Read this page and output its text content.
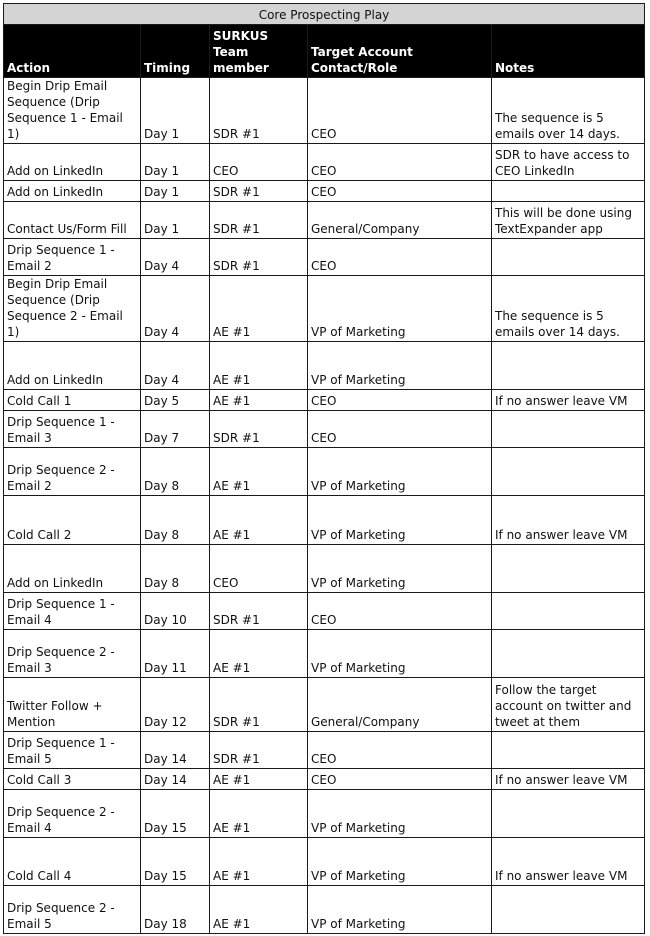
Core Prospecting Play				
Action	Timing	SURKUS Team member	Target Account Contact/Role	Notes
Begin Drip Email Sequence (Drip Sequence 1 - Email 1)	Day 1	SDR #1	CEO	The sequence is 5 emails over 14 days.
Add on LinkedIn	Day 1	CEO	CEO	SDR to have access to CEO LinkedIn
Add on LinkedIn	Day 1	SDR #1	CEO	
Contact Us/Form Fill	Day 1	SDR #1	General/Company	This will be done using TextExpander app
Drip Sequence 1 - Email 2	Day 4	SDR #1	CEO	
Begin Drip Email Sequence (Drip Sequence 2 - Email 1)	Day 4	AE #1	VP of Marketing	The sequence is 5 emails over 14 days.
Add on LinkedIn	Day 4	AE #1	VP of Marketing	
Cold Call 1	Day 5	AE #1	CEO	If no answer leave VM
Drip Sequence 1 - Email 3	Day 7	SDR #1	CEO	
Drip Sequence 2 - Email 2	Day 8	AE #1	VP of Marketing	
Cold Call 2	Day 8	AE #1	VP of Marketing	If no answer leave VM
Add on LinkedIn	Day 8	CEO	VP of Marketing	
Drip Sequence 1 - Email 4	Day 10	SDR #1	CEO	
Drip Sequence 2 - Email 3	Day 11	AE #1	VP of Marketing	
Twitter Follow + Mention	Day 12	SDR #1	General/Company	Follow the target account on twitter and tweet at them
Drip Sequence 1 - Email 5	Day 14	SDR #1	CEO	
Cold Call 3	Day 14	AE #1	CEO	If no answer leave VM
Drip Sequence 2 - Email 4	Day 15	AE #1	VP of Marketing	
Cold Call 4	Day 15	AE #1	VP of Marketing	If no answer leave VM
Drip Sequence 2 - Email 5	Day 18	AE #1	VP of Marketing	
